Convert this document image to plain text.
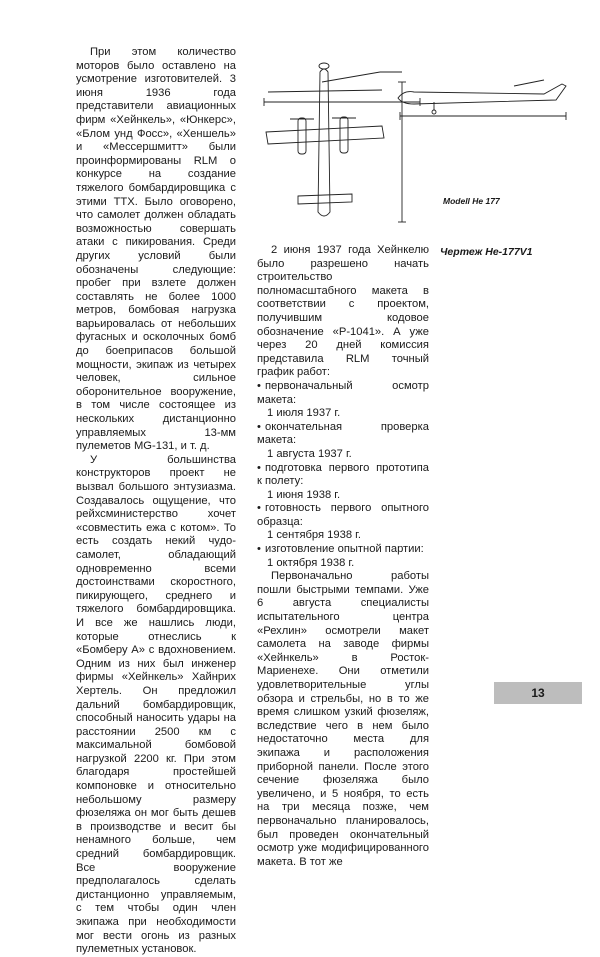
При этом количество моторов было оставлено на усмотрение изготовителей. 3 июня 1936 года представители авиационных фирм «Хейнкель», «Юнкерс», «Блом унд Фосс», «Хеншель» и «Мессершмитт» были проинформированы RLM о конкурсе на создание тяжелого бомбардировщика с этими ТТХ. Было оговорено, что самолет должен обладать возможностью совершать атаки с пикирования. Среди других условий были обозначены следующие: пробег при взлете должен составлять не более 1000 метров, бомбовая нагрузка варьировалась от небольших фугасных и осколочных бомб до боеприпасов большой мощности, экипаж из четырех человек, сильное оборонительное вооружение, в том числе состоящее из нескольких дистанционно управляемых 13-мм пулеметов MG-131, и т. д.

У большинства конструкторов проект не вызвал большого энтузиазма. Создавалось ощущение, что рейхсминистерство хочет «совместить ежа с котом». То есть создать некий чудо-самолет, обладающий одновременно всеми достоинствами скоростного, пикирующего, среднего и тяжелого бомбардировщика. И все же нашлись люди, которые отнеслись к «Бомберу А» с вдохновением. Одним из них был инженер фирмы «Хейнкель» Хайнрих Хертель. Он предложил дальний бомбардировщик, способный наносить удары на расстоянии 2500 км с максимальной бомбовой нагрузкой 2200 кг. При этом благодаря простейшей компоновке и относительно небольшому размеру фюзеляжа он мог быть дешев в производстве и весит бы ненамного больше, чем средний бомбардировщик. Все вооружение предполагалось сделать дистанционно управляемым, с тем чтобы один член экипажа при необходимости мог вести огонь из разных пулеметных установок.

Modell He 177

2 июня 1937 года Хейнкелю было разрешено начать строительство полномасштабного макета в соответствии с проектом, получившим кодовое обозначение «Р-1041». А уже через 20 дней комиссия представила RLM точный график работ:

• первоначальный осмотр макета:
1 июля 1937 г.
• окончательная проверка макета:
1 августа 1937 г.
• подготовка первого прототипа к полету:
1 июня 1938 г.
• готовность первого опытного образца:
1 сентября 1938 г.
• изготовление опытной партии:
1 октября 1938 г.

Первоначально работы пошли быстрыми темпами. Уже 6 августа специалисты испытательного центра «Рехлин» осмотрели макет самолета на заводе фирмы «Хейнкель» в Росток-Мариенехе. Они отметили удовлетворительные углы обзора и стрельбы, но в то же время слишком узкий фюзеляж, вследствие чего в нем было недостаточно места для экипажа и расположения приборной панели. После этого сечение фюзеляжа было увеличено, и 5 ноября, то есть на три месяца позже, чем первоначально планировалось, был проведен окончательный осмотр уже модифицированного макета. В тот же

Чертеж Не-177V1
13
